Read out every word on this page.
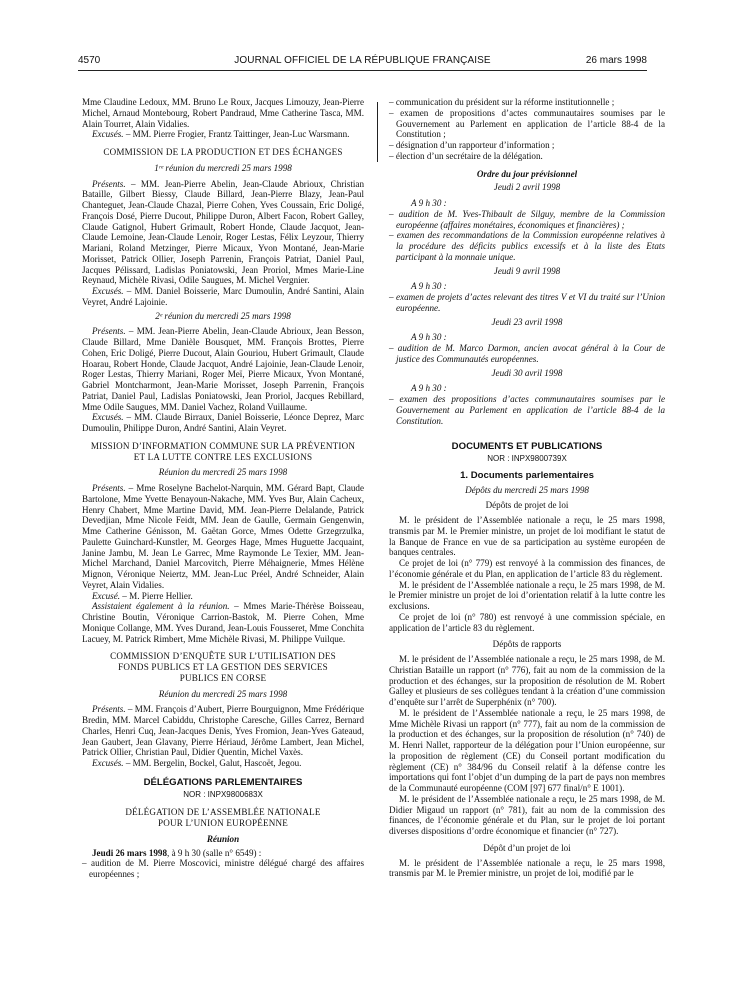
4570	JOURNAL OFFICIEL DE LA RÉPUBLIQUE FRANÇAISE	26 mars 1998

Mme Claudine Ledoux, MM. Bruno Le Roux, Jacques Limouzy, Jean-Pierre Michel, Arnaud Montebourg, Robert Pandraud, Mme Catherine Tasca, MM. Alain Tourret, Alain Vidalies.

Excusés. – MM. Pierre Frogier, Frantz Taittinger, Jean-Luc Warsmann.

COMMISSION DE LA PRODUCTION ET DES ÉCHANGES
1ʳᵉ réunion du mercredi 25 mars 1998

Présents. – MM. Jean-Pierre Abelin, Jean-Claude Abrioux, Christian Bataille, Gilbert Biessy, Claude Billard, Jean-Pierre Blazy, Jean-Paul Chanteguet, Jean-Claude Chazal, Pierre Cohen, Yves Coussain, Eric Doligé, François Dosé, Pierre Ducout, Philippe Duron, Albert Facon, Robert Galley, Claude Gatignol, Hubert Grimault, Robert Honde, Claude Jacquot, Jean-Claude Lemoine, Jean-Claude Lenoir, Roger Lestas, Félix Leyzour, Thierry Mariani, Roland Metzinger, Pierre Micaux, Yvon Montané, Jean-Marie Morisset, Patrick Ollier, Joseph Parrenin, François Patriat, Daniel Paul, Jacques Pélissard, Ladislas Poniatowski, Jean Proriol, Mmes Marie-Line Reynaud, Michèle Rivasi, Odile Saugues, M. Michel Vergnier.

Excusés. – MM. Daniel Boisserie, Marc Dumoulin, André Santini, Alain Veyret, André Lajoinie.

2ᵉ réunion du mercredi 25 mars 1998

Présents. – MM. Jean-Pierre Abelin, Jean-Claude Abrioux, Jean Besson, Claude Billard, Mme Danièle Bousquet, MM. François Brottes, Pierre Cohen, Eric Doligé, Pierre Ducout, Alain Gouriou, Hubert Grimault, Claude Hoarau, Robert Honde, Claude Jacquot, André Lajoinie, Jean-Claude Lenoir, Roger Lestas, Thierry Mariani, Roger Meï, Pierre Micaux, Yvon Montané, Gabriel Montcharmont, Jean-Marie Morisset, Joseph Parrenin, François Patriat, Daniel Paul, Ladislas Poniatowski, Jean Proriol, Jacques Rebillard, Mme Odile Saugues, MM. Daniel Vachez, Roland Vuillaume.

Excusés. – MM. Claude Birraux, Daniel Boisserie, Léonce Deprez, Marc Dumoulin, Philippe Duron, André Santini, Alain Veyret.

MISSION D’INFORMATION COMMUNE SUR LA PRÉVENTION
ET LA LUTTE CONTRE LES EXCLUSIONS
Réunion du mercredi 25 mars 1998

Présents. – Mme Roselyne Bachelot-Narquin, MM. Gérard Bapt, Claude Bartolone, Mme Yvette Benayoun-Nakache, MM. Yves Bur, Alain Cacheux, Henry Chabert, Mme Martine David, MM. Jean-Pierre Delalande, Patrick Devedjian, Mme Nicole Feidt, MM. Jean de Gaulle, Germain Gengenwin, Mme Catherine Génisson, M. Gaëtan Gorce, Mmes Odette Grzegrzulka, Paulette Guinchard-Kunstler, M. Georges Hage, Mmes Huguette Jacquaint, Janine Jambu, M. Jean Le Garrec, Mme Raymonde Le Texier, MM. Jean-Michel Marchand, Daniel Marcovitch, Pierre Méhaignerie, Mmes Hélène Mignon, Véronique Neiertz, MM. Jean-Luc Préel, André Schneider, Alain Veyret, Alain Vidalies.

Excusé. – M. Pierre Hellier.

Assistaient également à la réunion. – Mmes Marie-Thérèse Boisseau, Christine Boutin, Véronique Carrion-Bastok, M. Pierre Cohen, Mme Monique Collange, MM. Yves Durand, Jean-Louis Fousseret, Mme Conchita Lacuey, M. Patrick Rimbert, Mme Michèle Rivasi, M. Philippe Vuilque.

COMMISSION D’ENQUÊTE SUR L’UTILISATION DES
FONDS PUBLICS ET LA GESTION DES SERVICES
PUBLICS EN CORSE
Réunion du mercredi 25 mars 1998

Présents. – MM. François d’Aubert, Pierre Bourguignon, Mme Frédérique Bredin, MM. Marcel Cabiddu, Christophe Caresche, Gilles Carrez, Bernard Charles, Henri Cuq, Jean-Jacques Denis, Yves Fromion, Jean-Yves Gateaud, Jean Gaubert, Jean Glavany, Pierre Hériaud, Jérôme Lambert, Jean Michel, Patrick Ollier, Christian Paul, Didier Quentin, Michel Vaxès.

Excusés. – MM. Bergelin, Bockel, Galut, Hascoët, Jegou.

DÉLÉGATIONS PARLEMENTAIRES
NOR : INPX9800683X
DÉLÉGATION DE L’ASSEMBLÉE NATIONALE
POUR L’UNION EUROPÉENNE
Réunion

Jeudi 26 mars 1998, à 9 h 30 (salle n° 6549) :

– audition de M. Pierre Moscovici, ministre délégué chargé des affaires européennes ;

– communication du président sur la réforme institutionnelle ;

– examen de propositions d’actes communautaires soumises par le Gouvernement au Parlement en application de l’article 88-4 de la Constitution ;

– désignation d’un rapporteur d’information ;

– élection d’un secrétaire de la délégation.

Ordre du jour prévisionnel
Jeudi 2 avril 1998

A 9 h 30 :

– audition de M. Yves-Thibault de Silguy, membre de la Commission européenne (affaires monétaires, économiques et financières) ;

– examen des recommandations de la Commission européenne relatives à la procédure des déficits publics excessifs et à la liste des Etats participant à la monnaie unique.

Jeudi 9 avril 1998

A 9 h 30 :

– examen de projets d’actes relevant des titres V et VI du traité sur l’Union européenne.

Jeudi 23 avril 1998

A 9 h 30 :

– audition de M. Marco Darmon, ancien avocat général à la Cour de justice des Communautés européennes.

Jeudi 30 avril 1998

A 9 h 30 :

– examen des propositions d’actes communautaires soumises par le Gouvernement au Parlement en application de l’article 88-4 de la Constitution.

DOCUMENTS ET PUBLICATIONS
NOR : INPX9800739X
1. Documents parlementaires
Dépôts du mercredi 25 mars 1998
Dépôts de projet de loi

M. le président de l’Assemblée nationale a reçu, le 25 mars 1998, transmis par M. le Premier ministre, un projet de loi modifiant le statut de la Banque de France en vue de sa participation au système européen de banques centrales.

Ce projet de loi (n° 779) est renvoyé à la commission des finances, de l’économie générale et du Plan, en application de l’article 83 du règlement.

M. le président de l’Assemblée nationale a reçu, le 25 mars 1998, de M. le Premier ministre un projet de loi d’orientation relatif à la lutte contre les exclusions.

Ce projet de loi (n° 780) est renvoyé à une commission spéciale, en application de l’article 83 du règlement.

Dépôts de rapports

M. le président de l’Assemblée nationale a reçu, le 25 mars 1998, de M. Christian Bataille un rapport (n° 776), fait au nom de la commission de la production et des échanges, sur la proposition de résolution de M. Robert Galley et plusieurs de ses collègues tendant à la création d’une commission d’enquête sur l’arrêt de Superphénix (n° 700).

M. le président de l’Assemblée nationale a reçu, le 25 mars 1998, de Mme Michèle Rivasi un rapport (n° 777), fait au nom de la commission de la production et des échanges, sur la proposition de résolution (n° 740) de M. Henri Nallet, rapporteur de la délégation pour l’Union européenne, sur la proposition de règlement (CE) du Conseil portant modification du règlement (CE) n° 384/96 du Conseil relatif à la défense contre les importations qui font l’objet d’un dumping de la part de pays non membres de la Communauté européenne (COM [97] 677 final/n° E 1001).

M. le président de l’Assemblée nationale a reçu, le 25 mars 1998, de M. Didier Migaud un rapport (n° 781), fait au nom de la commission des finances, de l’économie générale et du Plan, sur le projet de loi portant diverses dispositions d’ordre économique et financier (n° 727).

Dépôt d’un projet de loi

M. le président de l’Assemblée nationale a reçu, le 25 mars 1998, transmis par M. le Premier ministre, un projet de loi, modifié par le
